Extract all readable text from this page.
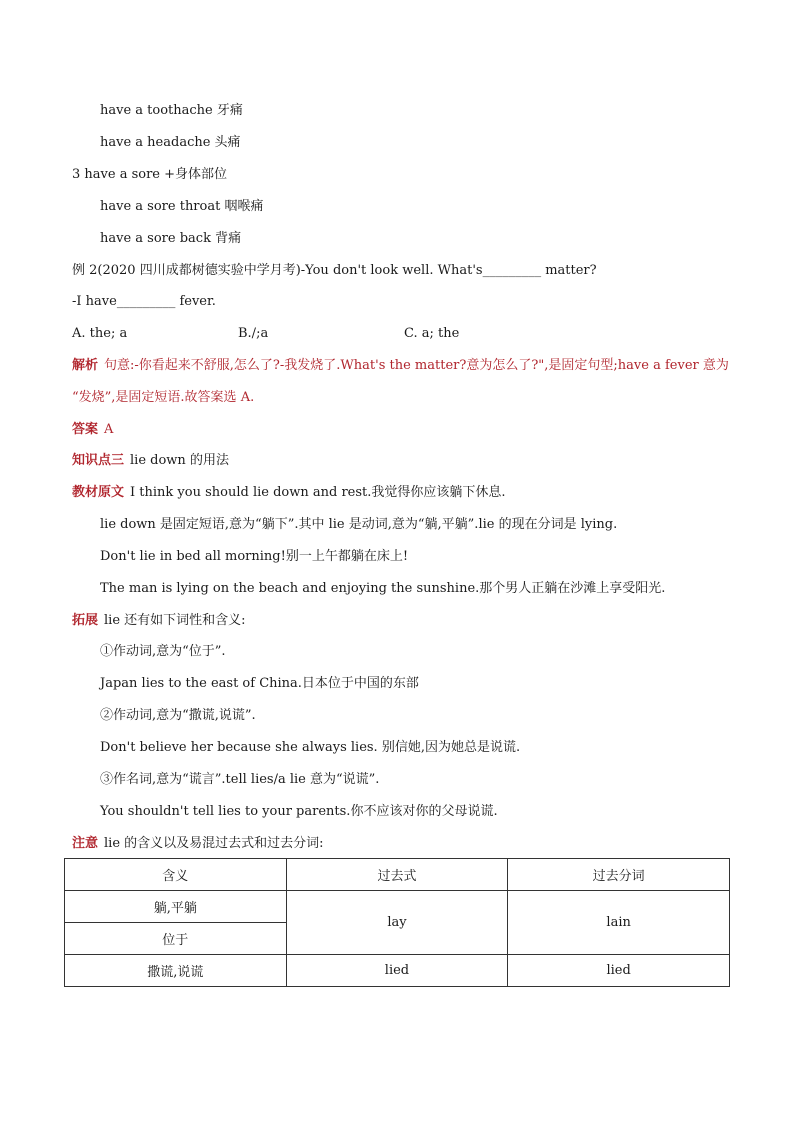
have a toothache 牙痛
have a headache 头痛
3 have a sore +身体部位
have a sore throat 咽喉痛
have a sore back 背痛
例 2(2020 四川成都树德实验中学月考)-You don't look well. What's_________ matter?
-I have_________ fever.
A. the; a	B./;a	C. a; the
解析 句意:-你看起来不舒服,怎么了?-我发烧了.What's the matter?意为怎么了?",是固定句型;have a fever 意为
“发烧”,是固定短语.故答案选 A.
答案 A
知识点三 lie down 的用法
教材原文 I think you should lie down and rest.我觉得你应该躺下休息.
lie down 是固定短语,意为“躺下”.其中 lie 是动词,意为“躺,平躺”.lie 的现在分词是 lying.
Don't lie in bed all morning!别一上午都躺在床上!
The man is lying on the beach and enjoying the sunshine.那个男人正躺在沙滩上享受阳光.
拓展 lie 还有如下词性和含义:
①作动词,意为“位于”.
Japan lies to the east of China.日本位于中国的东部
②作动词,意为“撒谎,说谎”.
Don't believe her because she always lies. 别信她,因为她总是说谎.
③作名词,意为“谎言”.tell lies/a lie 意为“说谎”.
You shouldn't tell lies to your parents.你不应该对你的父母说谎.
注意 lie 的含义以及易混过去式和过去分词:
含义	过去式	过去分词
躺,平躺	lay	lain
位于		
撒谎,说谎	lied	lied
